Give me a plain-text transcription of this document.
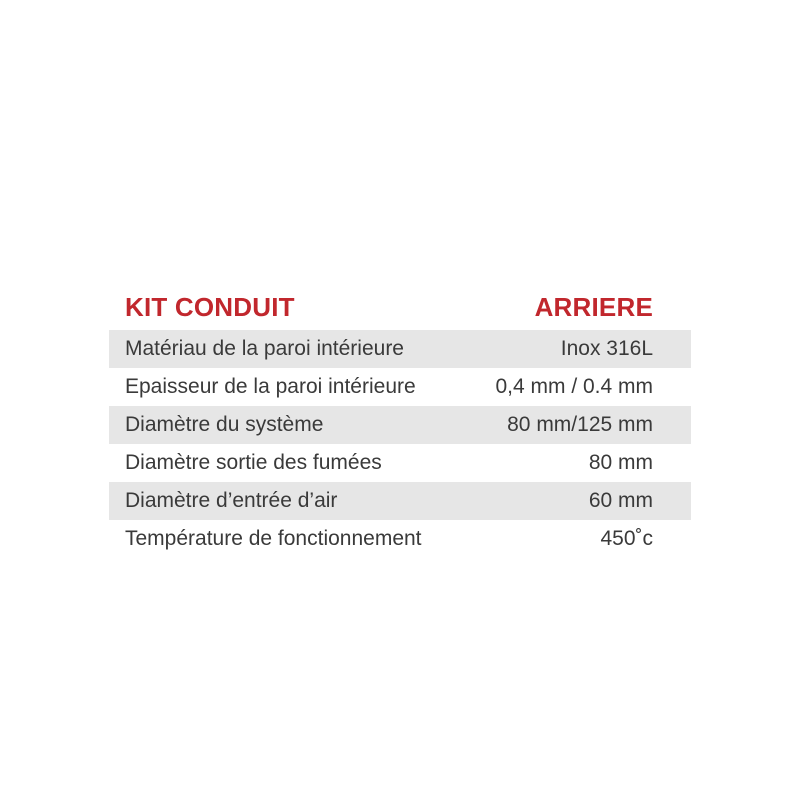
KIT CONDUIT	ARRIERE
Matériau de la paroi intérieure	Inox 316L
Epaisseur de la paroi intérieure	0,4 mm / 0.4 mm
Diamètre du système	80 mm/125 mm
Diamètre sortie des fumées	80 mm
Diamètre d’entrée d’air	60 mm
Température de fonctionnement	450˚c
